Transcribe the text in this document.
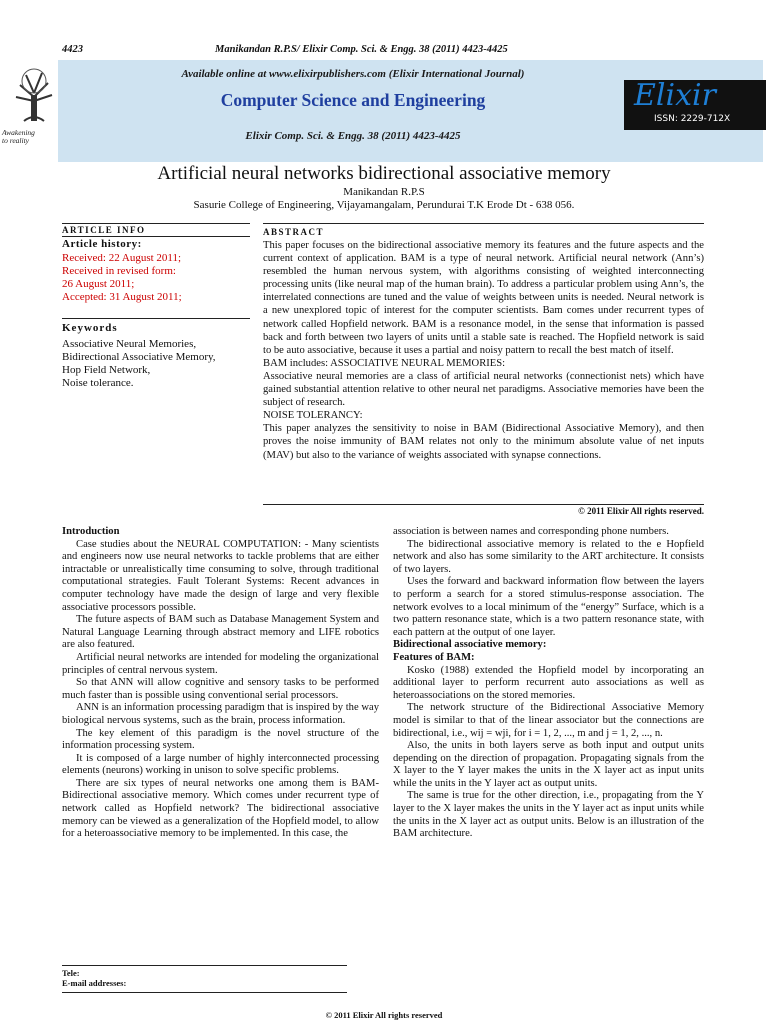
4423	Manikandan R.P.S/ Elixir Comp. Sci. & Engg. 38 (2011) 4423-4425
Awakening
to reality
Available online at www.elixirpublishers.com (Elixir International Journal)
Computer Science and Engineering
Elixir Comp. Sci. & Engg. 38 (2011) 4423-4425
Elixir
ISSN: 2229-712X
Artificial neural networks bidirectional associative memory
Manikandan R.P.S
Sasurie College of Engineering, Vijayamangalam, Perundurai T.K Erode Dt - 638 056.
ARTICLE INFO
Article history:
Received: 22 August 2011;
Received in revised form:
26 August 2011;
Accepted: 31 August 2011;
Keywords
Associative Neural Memories,
Bidirectional Associative Memory,
Hop Field Network,
Noise tolerance.
ABSTRACT

This paper focuses on the bidirectional associative memory its features and the future aspects and the current context of application. BAM is a type of neural network. Artificial neural network (Ann’s) resembled the human nervous system, with algorithms consisting of weighted interconnecting processing units (like neural map of the human brain). To address a particular problem using Ann’s, the interrelated connections are tuned and the value of weights between units is needed. Neural network is a new unexplored topic of interest for the computer scientists. Bam comes under recurrent types of network called Hopfield network. BAM is a resonance model, in the sense that information is passed back and forth between two layers of units until a stable sate is reached. The Hopfield network is said to be auto associative, because it uses a partial and noisy pattern to recall the best match of itself.

BAM includes: ASSOCIATIVE NEURAL MEMORIES:

Associative neural memories are a class of artificial neural networks (connectionist nets) which have gained substantial attention relative to other neural net paradigms. Associative memories have been the subject of research.

NOISE TOLERANCY:

This paper analyzes the sensitivity to noise in BAM (Bidirectional Associative Memory), and then proves the noise immunity of BAM relates not only to the minimum absolute value of net inputs (MAV) but also to the variance of weights associated with synapse connections.

© 2011 Elixir All rights reserved.

Introduction

Case studies about the NEURAL COMPUTATION: - Many scientists and engineers now use neural networks to tackle problems that are either intractable or unrealistically time consuming to solve, through traditional computational strategies. Fault Tolerant Systems: Recent advances in computer technology have made the design of large and very flexible associative processors possible.

The future aspects of BAM such as Database Management System and Natural Language Learning through abstract memory and LIFE robotics are also featured.

Artificial neural networks are intended for modeling the organizational principles of central nervous system.

So that ANN will allow cognitive and sensory tasks to be performed much faster than is possible using conventional serial processors.

ANN is an information processing paradigm that is inspired by the way biological nervous systems, such as the brain, process information.

The key element of this paradigm is the novel structure of the information processing system.

It is composed of a large number of highly interconnected processing elements (neurons) working in unison to solve specific problems.

There are six types of neural networks one among them is BAM-Bidirectional associative memory. Which comes under recurrent type of network called as Hopfield network? The bidirectional associative memory can be viewed as a generalization of the Hopfield model, to allow for a heteroassociative memory to be implemented. In this case, the

association is between names and corresponding phone numbers.

The bidirectional associative memory is related to the e Hopfield network and also has some similarity to the ART architecture. It consists of two layers.

Uses the forward and backward information flow between the layers to perform a search for a stored stimulus-response association. The network evolves to a local minimum of the “energy” Surface, which is a two pattern resonance state, which is a two pattern resonance state, with each pattern at the output of one layer.

Bidirectional associative memory:

Features of BAM:

Kosko (1988) extended the Hopfield model by incorporating an additional layer to perform recurrent auto associations as well as heteroassociations on the stored memories.

The network structure of the Bidirectional Associative Memory model is similar to that of the linear associator but the connections are bidirectional, i.e., wij = wji, for i = 1, 2, ..., m and j = 1, 2, ..., n.

Also, the units in both layers serve as both input and output units depending on the direction of propagation. Propagating signals from the X layer to the Y layer makes the units in the X layer act as input units while the units in the Y layer act as output units.

The same is true for the other direction, i.e., propagating from the Y layer to the X layer makes the units in the Y layer act as input units while the units in the X layer act as output units. Below is an illustration of the BAM architecture.

Tele:
E-mail addresses:
© 2011 Elixir All rights reserved
